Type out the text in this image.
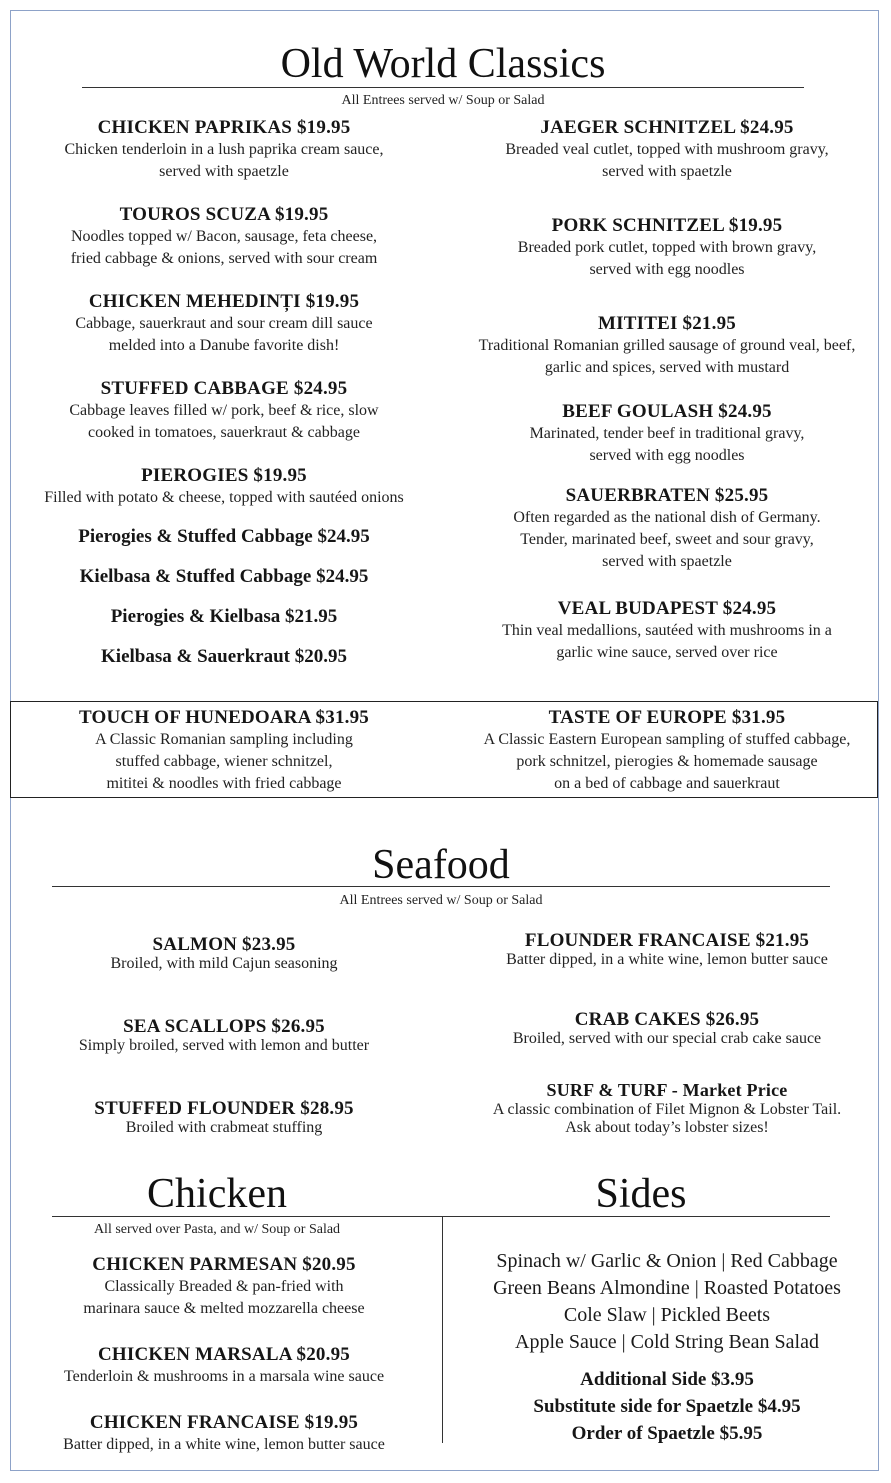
Old World Classics
All Entrees served w/ Soup or Salad
CHICKEN PAPRIKAS $19.95
Chicken tenderloin in a lush paprika cream sauce,
served with spaetzle
TOUROS SCUZA $19.95
Noodles topped w/ Bacon, sausage, feta cheese,
fried cabbage & onions, served with sour cream
CHICKEN MEHEDINȚI $19.95
Cabbage, sauerkraut and sour cream dill sauce
melded into a Danube favorite dish!
STUFFED CABBAGE $24.95
Cabbage leaves filled w/ pork, beef & rice, slow
cooked in tomatoes, sauerkraut & cabbage
PIEROGIES $19.95
Filled with potato & cheese, topped with sautéed onions
Pierogies & Stuffed Cabbage $24.95
Kielbasa & Stuffed Cabbage $24.95
Pierogies & Kielbasa $21.95
Kielbasa & Sauerkraut $20.95
JAEGER SCHNITZEL $24.95
Breaded veal cutlet, topped with mushroom gravy,
served with spaetzle
PORK SCHNITZEL $19.95
Breaded pork cutlet, topped with brown gravy,
served with egg noodles
MITITEI $21.95
Traditional Romanian grilled sausage of ground veal, beef,
garlic and spices, served with mustard
BEEF GOULASH $24.95
Marinated, tender beef in traditional gravy,
served with egg noodles
SAUERBRATEN $25.95
Often regarded as the national dish of Germany.
Tender, marinated beef, sweet and sour gravy,
served with spaetzle
VEAL BUDAPEST $24.95
Thin veal medallions, sautéed with mushrooms in a
garlic wine sauce, served over rice
TOUCH OF HUNEDOARA $31.95
A Classic Romanian sampling including
stuffed cabbage, wiener schnitzel,
mititei & noodles with fried cabbage
TASTE OF EUROPE $31.95
A Classic Eastern European sampling of stuffed cabbage,
pork schnitzel, pierogies & homemade sausage
on a bed of cabbage and sauerkraut
Seafood
All Entrees served w/ Soup or Salad
SALMON $23.95
Broiled, with mild Cajun seasoning
SEA SCALLOPS $26.95
Simply broiled, served with lemon and butter
STUFFED FLOUNDER $28.95
Broiled with crabmeat stuffing
FLOUNDER FRANCAISE $21.95
Batter dipped, in a white wine, lemon butter sauce
CRAB CAKES $26.95
Broiled, served with our special crab cake sauce
SURF & TURF - Market Price
A classic combination of Filet Mignon & Lobster Tail.
Ask about today’s lobster sizes!
Chicken
All served over Pasta, and w/ Soup or Salad
CHICKEN PARMESAN $20.95
Classically Breaded & pan-fried with
marinara sauce & melted mozzarella cheese
CHICKEN MARSALA $20.95
Tenderloin & mushrooms in a marsala wine sauce
CHICKEN FRANCAISE $19.95
Batter dipped, in a white wine, lemon butter sauce
Sides
Spinach w/ Garlic & Onion | Red Cabbage
Green Beans Almondine | Roasted Potatoes
Cole Slaw | Pickled Beets
Apple Sauce | Cold String Bean Salad
Additional Side $3.95
Substitute side for Spaetzle $4.95
Order of Spaetzle $5.95
